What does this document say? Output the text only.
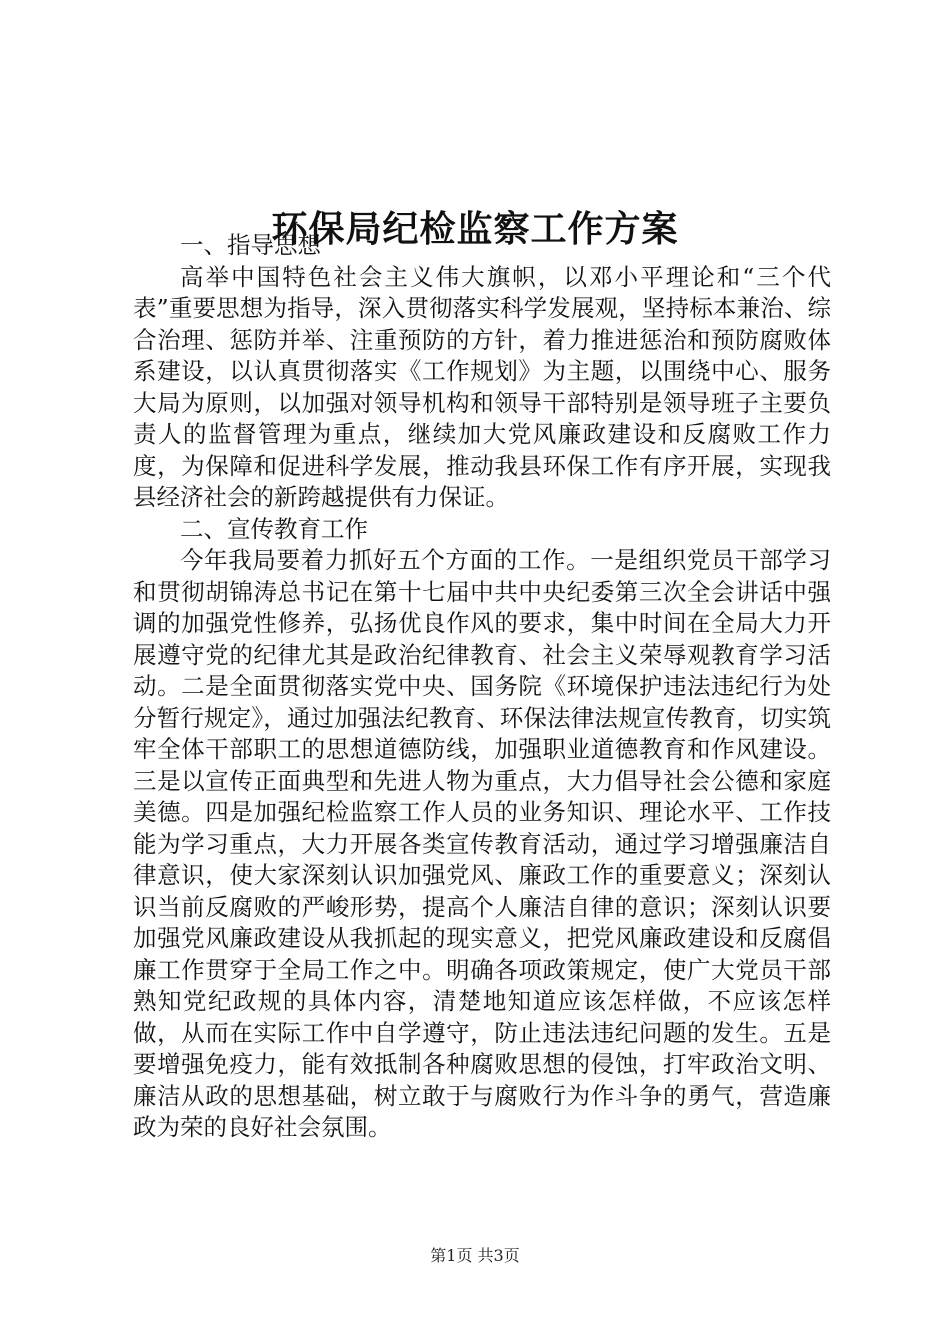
环保局纪检监察工作方案

一、指导思想

高举中国特色社会主义伟大旗帜，以邓小平理论和“三个代表”重要思想为指导，深入贯彻落实科学发展观，坚持标本兼治、综合治理、惩防并举、注重预防的方针，着力推进惩治和预防腐败体系建设，以认真贯彻落实《工作规划》为主题，以围绕中心、服务大局为原则，以加强对领导机构和领导干部特别是领导班子主要负责人的监督管理为重点，继续加大党风廉政建设和反腐败工作力度，为保障和促进科学发展，推动我县环保工作有序开展，实现我县经济社会的新跨越提供有力保证。

二、宣传教育工作

今年我局要着力抓好五个方面的工作。一是组织党员干部学习和贯彻胡锦涛总书记在第十七届中共中央纪委第三次全会讲话中强调的加强党性修养，弘扬优良作风的要求，集中时间在全局大力开展遵守党的纪律尤其是政治纪律教育、社会主义荣辱观教育学习活动。二是全面贯彻落实党中央、国务院《环境保护违法违纪行为处分暂行规定》，通过加强法纪教育、环保法律法规宣传教育，切实筑牢全体干部职工的思想道德防线，加强职业道德教育和作风建设。三是以宣传正面典型和先进人物为重点，大力倡导社会公德和家庭美德。四是加强纪检监察工作人员的业务知识、理论水平、工作技能为学习重点，大力开展各类宣传教育活动，通过学习增强廉洁自律意识，使大家深刻认识加强党风、廉政工作的重要意义；深刻认识当前反腐败的严峻形势，提高个人廉洁自律的意识；深刻认识要加强党风廉政建设从我抓起的现实意义，把党风廉政建设和反腐倡廉工作贯穿于全局工作之中。明确各项政策规定，使广大党员干部熟知党纪政规的具体内容，清楚地知道应该怎样做，不应该怎样做，从而在实际工作中自学遵守，防止违法违纪问题的发生。五是要增强免疫力，能有效抵制各种腐败思想的侵蚀，打牢政治文明、廉洁从政的思想基础，树立敢于与腐败行为作斗争的勇气，营造廉政为荣的良好社会氛围。

第1页 共3页
